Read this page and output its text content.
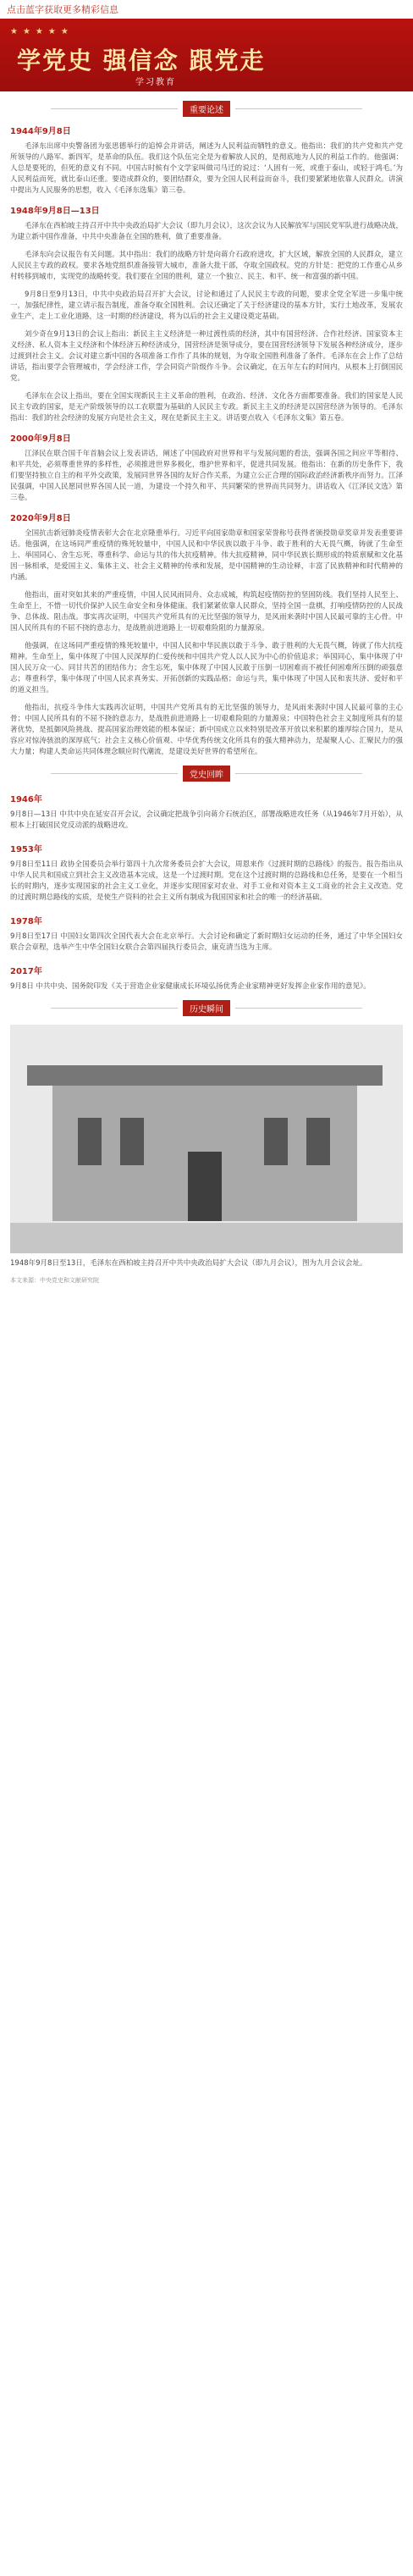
点击蓝字获取更多精彩信息
★★★★★
学党史 强信念 跟党走
学习教育
重要论述
1944年9月8日
毛泽东出席中央警备团为张思德举行的追悼会并讲话，阐述为人民利益而牺牲的意义。他指出：我们的共产党和共产党所领导的八路军、新四军，是革命的队伍。我们这个队伍完全是为着解放人民的，是彻底地为人民的利益工作的。他强调：人总是要死的，但死的意义有不同。中国古时候有个文学家叫做司马迁的说过：‘人固有一死，或重于泰山，或轻于鸿毛。’为人民利益而死，就比泰山还重。要造成群众的，要团结群众，要为全国人民利益而奋斗，我们要紧紧地依靠人民群众。讲演中提出为人民服务的思想，收入《毛泽东选集》第三卷。
1948年9月8日—13日
毛泽东在西柏坡主持召开中共中央政治局扩大会议（即九月会议），这次会议为人民解放军与国民党军队进行战略决战，为建立新中国作准备，中共中央准备在全国的胜利，做了重要准备。
毛泽东向会议报告有关问题。其中指出：我们的战略方针是向蒋介石政府进攻，扩大区域，解放全国的人民群众，建立人民民主专政的政权。要求各地党组织准备接管大城市，准备大批干部，夺取全国政权。党的方针是：把党的工作重心从乡村转移到城市，实现党的战略转变。我们要在全国的胜利，建立一个独立、民主、和平、统一和富强的新中国。
9月8日至9月13日，中共中央政治局召开扩大会议，讨论和通过了人民民主专政的问题，要求全党全军进一步集中统一，加强纪律性，建立请示报告制度，准备夺取全国胜利。会议还确定了关于经济建设的基本方针，实行土地改革，发展农业生产，走上工业化道路，这一时期的经济建设，将为以后的社会主义建设奠定基础。
刘少奇在9月13日的会议上指出：新民主主义经济是一种过渡性质的经济，其中有国营经济、合作社经济、国家资本主义经济、私人资本主义经济和个体经济五种经济成分，国营经济是领导成分，要在国营经济领导下发展各种经济成分，逐步过渡到社会主义。会议对建立新中国的各项准备工作作了具体的规划，为夺取全国胜利准备了条件。毛泽东在会上作了总结讲话，指出要学会管理城市，学会经济工作，学会同资产阶级作斗争。会议确定，在五年左右的时间内，从根本上打倒国民党。
毛泽东在会议上指出，要在全国实现新民主主义革命的胜利，在政治、经济、文化各方面都要准备。我们的国家是人民民主专政的国家，是无产阶级领导的以工农联盟为基础的人民民主专政。新民主主义的经济是以国营经济为领导的。毛泽东指出：我们的社会经济的发展方向是社会主义，现在是新民主主义。讲话要点收入《毛泽东文集》第五卷。
2000年9月8日
江泽民在联合国千年首脑会议上发表讲话，阐述了中国政府对世界和平与发展问题的看法，强调各国之间应平等相待、和平共处，必须尊重世界的多样性，必须推进世界多极化，维护世界和平，促进共同发展。他指出：在新的历史条件下，我们要坚持独立自主的和平外交政策，发展同世界各国的友好合作关系，为建立公正合理的国际政治经济新秩序而努力。江泽民强调，中国人民愿同世界各国人民一道，为建设一个持久和平、共同繁荣的世界而共同努力。讲话收入《江泽民文选》第三卷。
2020年9月8日
全国抗击新冠肺炎疫情表彰大会在北京隆重举行。习近平向国家勋章和国家荣誉称号获得者颁授勋章奖章并发表重要讲话。他强调，在这场同严重疫情的殊死较量中，中国人民和中华民族以敢于斗争、敢于胜利的大无畏气概，铸就了生命至上、举国同心、舍生忘死、尊重科学、命运与共的伟大抗疫精神。伟大抗疫精神，同中华民族长期形成的特质禀赋和文化基因一脉相承，是爱国主义、集体主义、社会主义精神的传承和发展，是中国精神的生动诠释，丰富了民族精神和时代精神的内涵。
他指出，面对突如其来的严重疫情，中国人民风雨同舟、众志成城，构筑起疫情防控的坚固防线。我们坚持人民至上、生命至上，不惜一切代价保护人民生命安全和身体健康。我们紧紧依靠人民群众，坚持全国一盘棋，打响疫情防控的人民战争、总体战、阻击战。事实再次证明，中国共产党所具有的无比坚强的领导力，是风雨来袭时中国人民最可靠的主心骨。中国人民所具有的不屈不挠的意志力，是战胜前进道路上一切艰难险阻的力量源泉。
他强调，在这场同严重疫情的殊死较量中，中国人民和中华民族以敢于斗争、敢于胜利的大无畏气概，铸就了伟大抗疫精神。生命至上，集中体现了中国人民深厚的仁爱传统和中国共产党人以人民为中心的价值追求；举国同心，集中体现了中国人民万众一心、同甘共苦的团结伟力；舍生忘死，集中体现了中国人民敢于压倒一切困难而不被任何困难所压倒的顽强意志；尊重科学，集中体现了中国人民求真务实、开拓创新的实践品格；命运与共，集中体现了中国人民和衷共济、爱好和平的道义担当。
他指出，抗疫斗争伟大实践再次证明，中国共产党所具有的无比坚强的领导力，是风雨来袭时中国人民最可靠的主心骨；中国人民所具有的不屈不挠的意志力，是战胜前进道路上一切艰难险阻的力量源泉；中国特色社会主义制度所具有的显著优势，是抵御风险挑战、提高国家治理效能的根本保证；新中国成立以来特别是改革开放以来积累的雄厚综合国力，是从容应对惊涛骇浪的深厚底气；社会主义核心价值观、中华优秀传统文化所具有的强大精神动力，是凝聚人心、汇聚民力的强大力量；构建人类命运共同体理念顺应时代潮流，是建设美好世界的希望所在。
党史回眸
1946年
9月8日—13日 中共中央在延安召开会议，会议确定把战争引向蒋介石统治区，部署战略进攻任务（从1946年7月开始），从根本上打破国民党反动派的战略进攻。
1953年
9月8日至11日 政协全国委员会举行第四十九次常务委员会扩大会议，周恩来作《过渡时期的总路线》的报告。报告指出从中华人民共和国成立到社会主义改造基本完成，这是一个过渡时期。党在这个过渡时期的总路线和总任务，是要在一个相当长的时期内，逐步实现国家的社会主义工业化，并逐步实现国家对农业、对手工业和对资本主义工商业的社会主义改造。党的过渡时期总路线的实质，是使生产资料的社会主义所有制成为我国国家和社会的唯一的经济基础。
1978年
9月8日至17日 中国妇女第四次全国代表大会在北京举行。大会讨论和确定了新时期妇女运动的任务，通过了中华全国妇女联合会章程，选举产生中华全国妇女联合会第四届执行委员会，康克清当选为主席。
2017年
9月8日 中共中央、国务院印发《关于营造企业家健康成长环境弘扬优秀企业家精神更好发挥企业家作用的意见》。
历史瞬间
1948年9月8日至13日，毛泽东在西柏坡主持召开中共中央政治局扩大会议（即九月会议），图为九月会议会址。
本文来源：中央党史和文献研究院
